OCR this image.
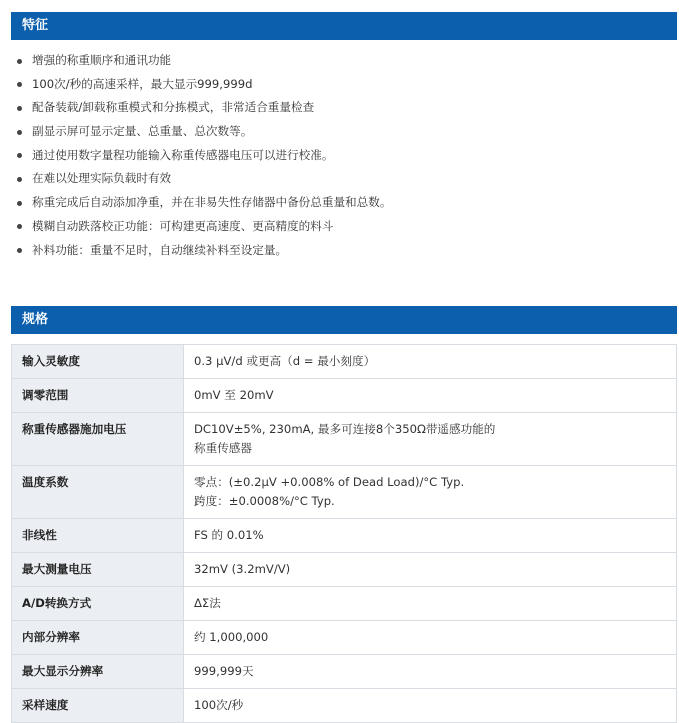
特征
增强的称重顺序和通讯功能
100次/秒的高速采样，最大显示999,999d
配备装载/卸载称重模式和分拣模式，非常适合重量检查
副显示屏可显示定量、总重量、总次数等。
通过使用数字量程功能输入称重传感器电压可以进行校准。
在难以处理实际负载时有效
称重完成后自动添加净重，并在非易失性存储器中备份总重量和总数。
模糊自动跌落校正功能：可构建更高速度、更高精度的料斗
补料功能：重量不足时，自动继续补料至设定量。
规格
输入灵敏度	0.3 μV/d 或更高（d = 最小刻度）

调零范围	0mV 至 20mV

称重传感器施加电压	DC10V±5%, 230mA, 最多可连接8个350Ω带遥感功能的
称重传感器

温度系数	零点：(±0.2μV +0.008% of Dead Load)/°C Typ.
跨度：±0.0008%/°C Typ.

非线性	FS 的 0.01%

最大测量电压	32mV (3.2mV/V)

A/D转换方式	ΔΣ法

内部分辨率	约 1,000,000

最大显示分辨率	999,999天

采样速度	100次/秒
